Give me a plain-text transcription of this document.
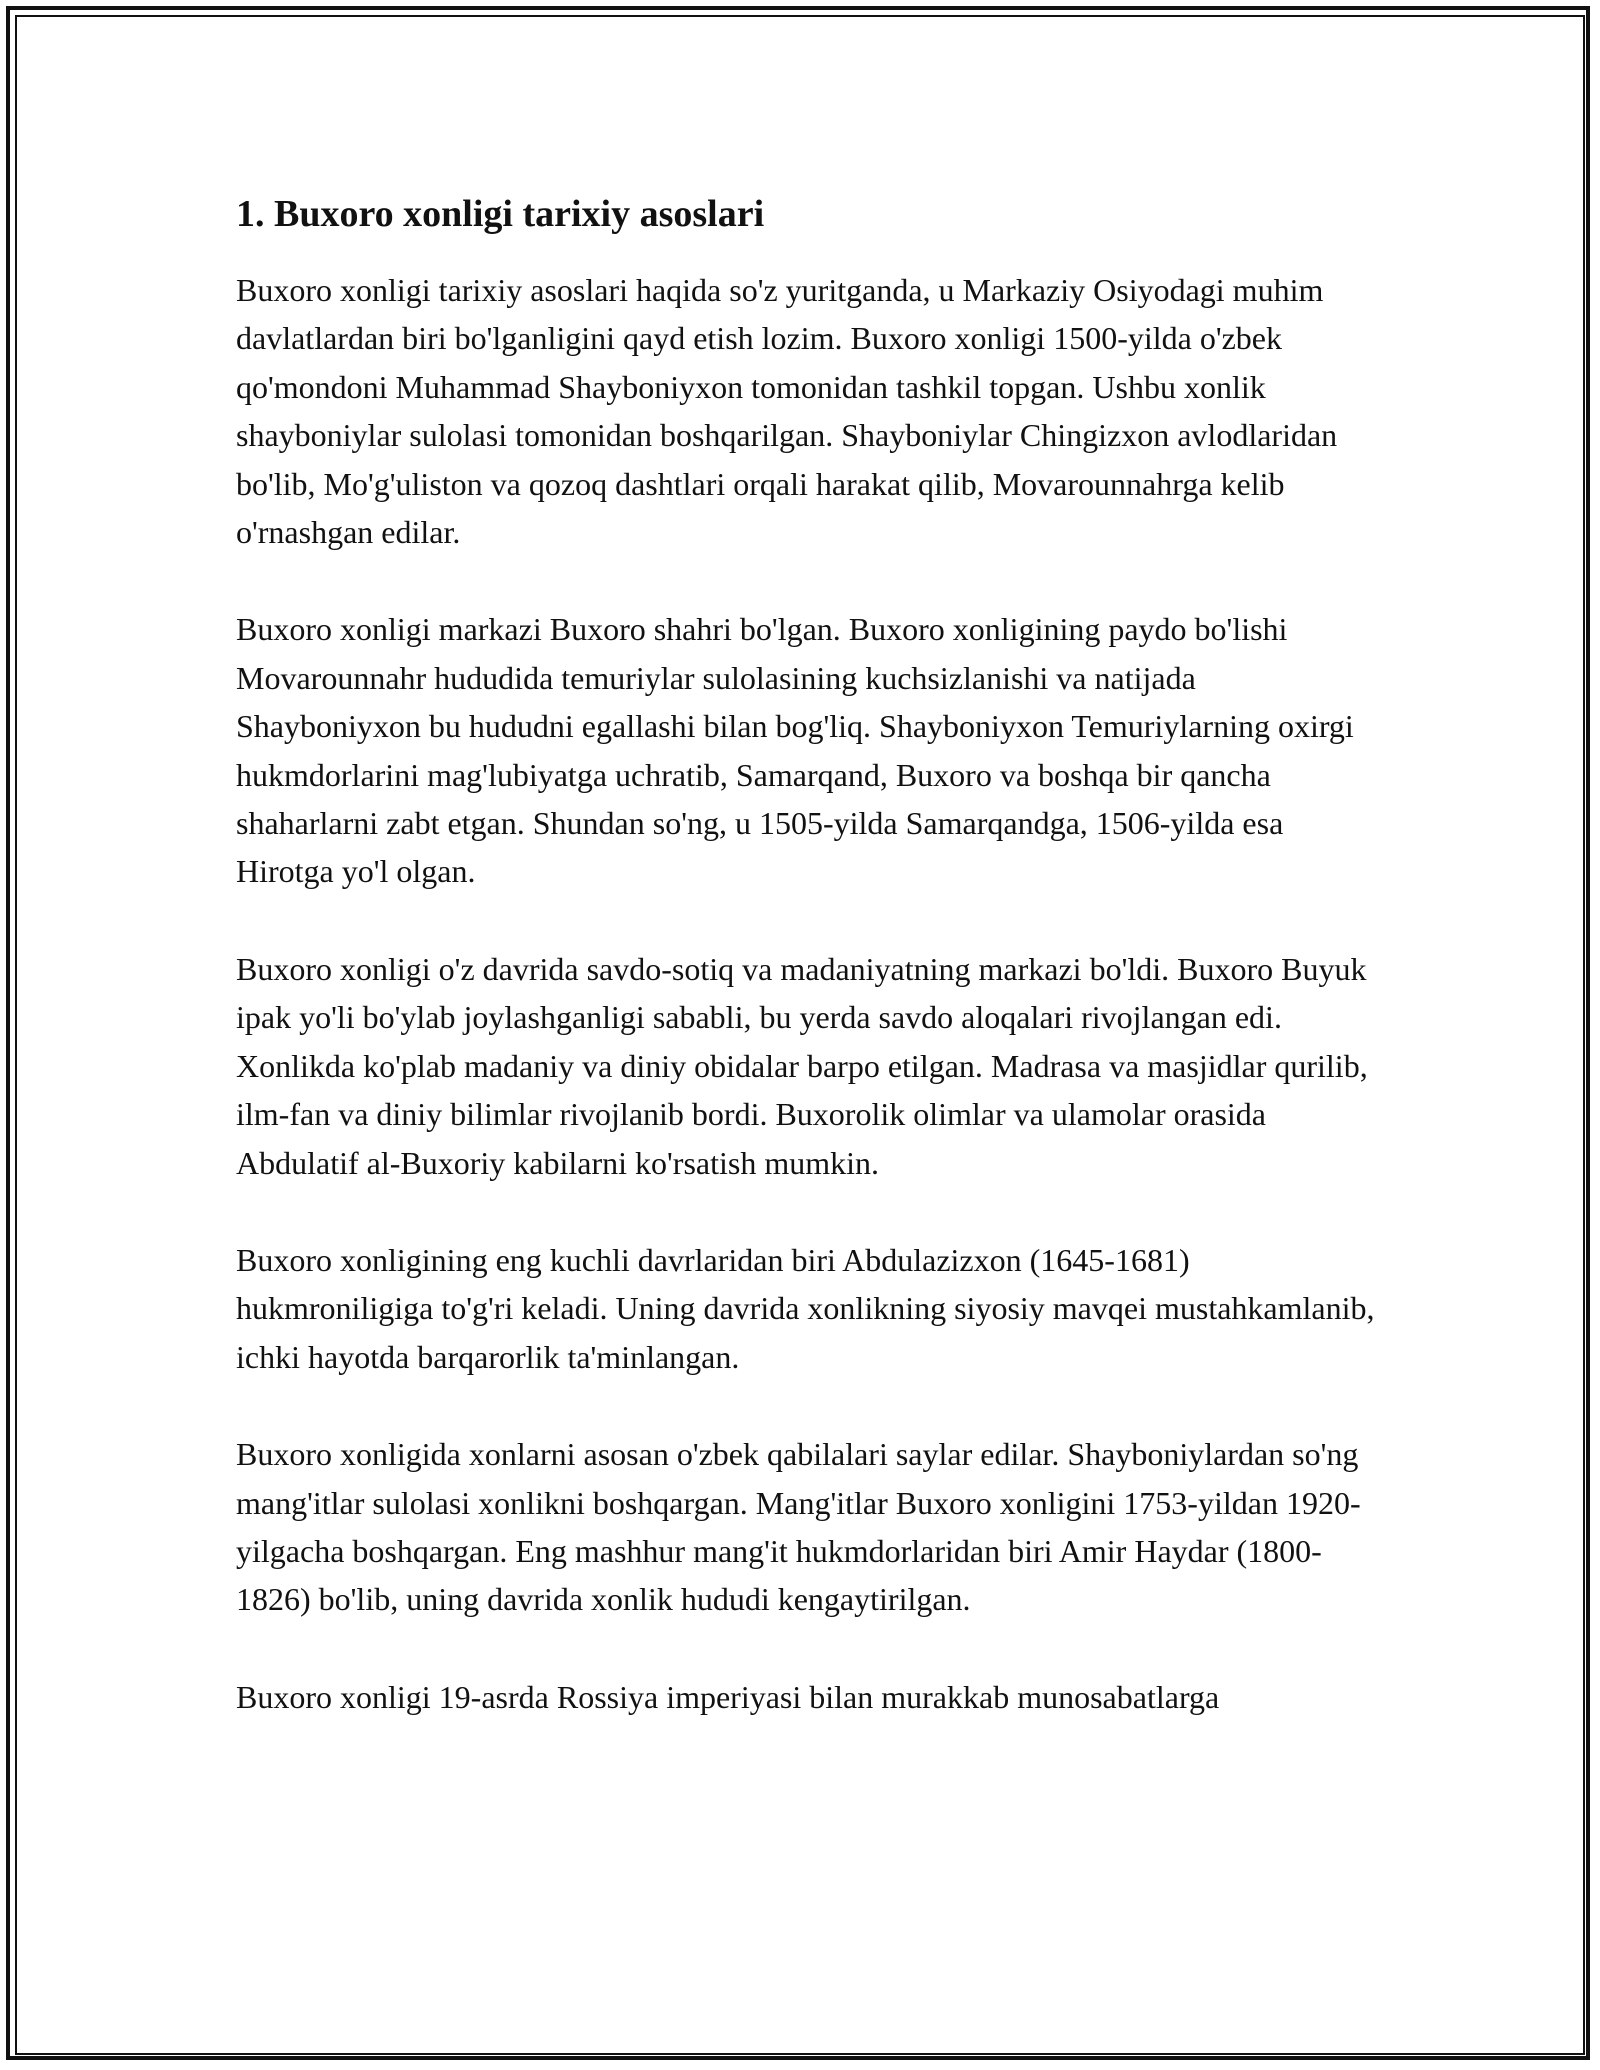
1. Buxoro xonligi tarixiy asoslari

Buxoro xonligi tarixiy asoslari haqida so'z yuritganda, u Markaziy Osiyodagi muhim davlatlardan biri bo'lganligini qayd etish lozim. Buxoro xonligi 1500-yilda o'zbek qo'mondoni Muhammad Shayboniyxon tomonidan tashkil topgan. Ushbu xonlik shayboniylar sulolasi tomonidan boshqarilgan. Shayboniylar Chingizxon avlodlaridan bo'lib, Mo'g'uliston va qozoq dashtlari orqali harakat qilib, Movarounnahrga kelib o'rnashgan edilar.

Buxoro xonligi markazi Buxoro shahri bo'lgan. Buxoro xonligining paydo bo'lishi Movarounnahr hududida temuriylar sulolasining kuchsizlanishi va natijada Shayboniyxon bu hududni egallashi bilan bog'liq. Shayboniyxon Temuriylarning oxirgi hukmdorlarini mag'lubiyatga uchratib, Samarqand, Buxoro va boshqa bir qancha shaharlarni zabt etgan. Shundan so'ng, u 1505-yilda Samarqandga, 1506-yilda esa Hirotga yo'l olgan.

Buxoro xonligi o'z davrida savdo-sotiq va madaniyatning markazi bo'ldi. Buxoro Buyuk ipak yo'li bo'ylab joylashganligi sababli, bu yerda savdo aloqalari rivojlangan edi. Xonlikda ko'plab madaniy va diniy obidalar barpo etilgan. Madrasa va masjidlar qurilib, ilm-fan va diniy bilimlar rivojlanib bordi. Buxorolik olimlar va ulamolar orasida Abdulatif al-Buxoriy kabilarni ko'rsatish mumkin.

Buxoro xonligining eng kuchli davrlaridan biri Abdulazizxon (1645-1681) hukmroniligiga to'g'ri keladi. Uning davrida xonlikning siyosiy mavqei mustahkamlanib, ichki hayotda barqarorlik ta'minlangan.

Buxoro xonligida xonlarni asosan o'zbek qabilalari saylar edilar. Shayboniylardan so'ng mang'itlar sulolasi xonlikni boshqargan. Mang'itlar Buxoro xonligini 1753-yildan 1920-yilgacha boshqargan. Eng mashhur mang'it hukmdorlaridan biri Amir Haydar (1800-1826) bo'lib, uning davrida xonlik hududi kengaytirilgan.

Buxoro xonligi 19-asrda Rossiya imperiyasi bilan murakkab munosabatlarga
